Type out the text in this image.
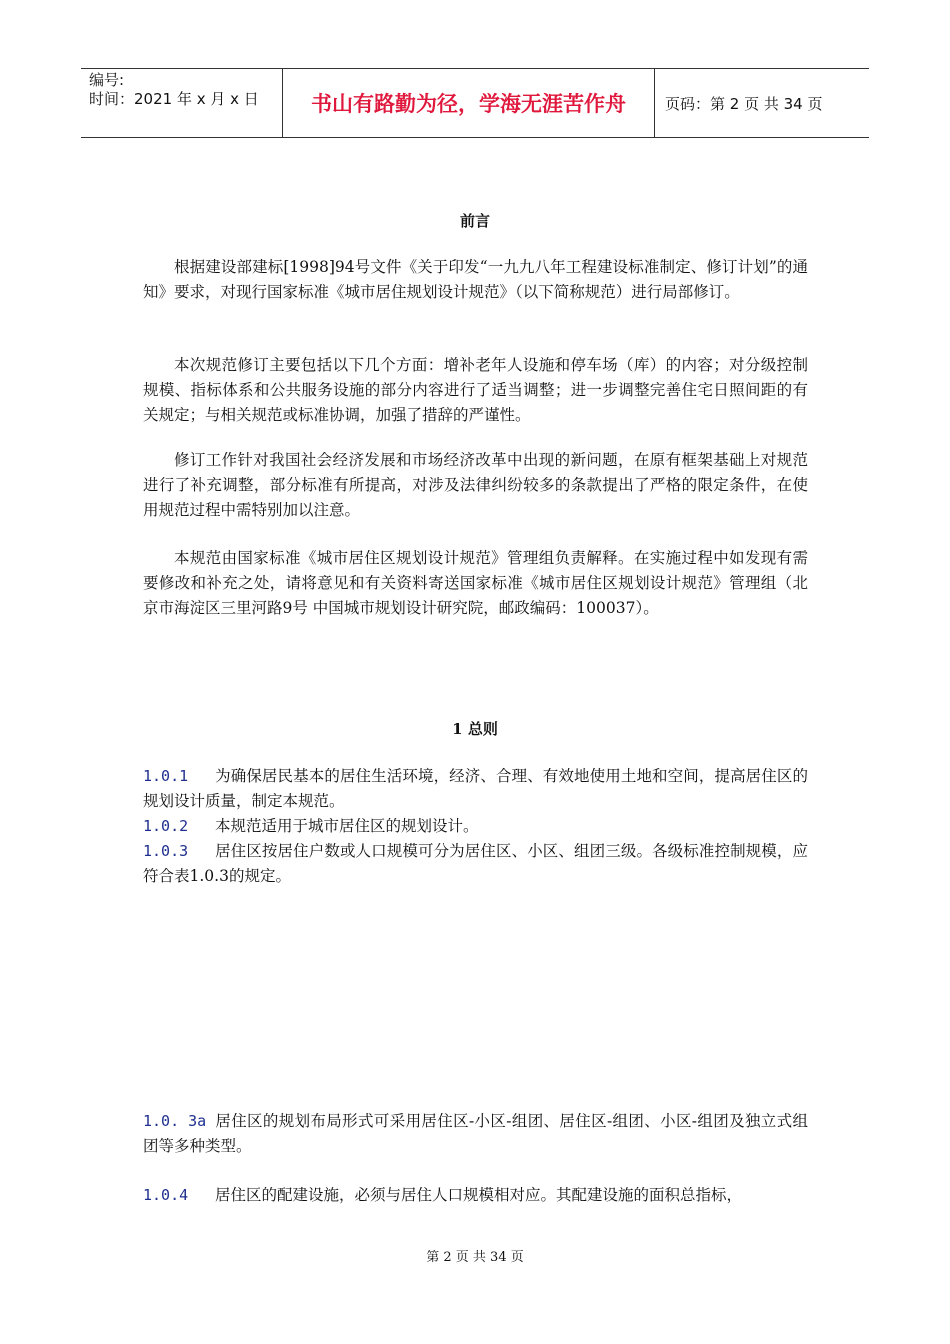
编号:
时间：2021 年 x 月 x 日	书山有路勤为径，学海无涯苦作舟	页码：第 2 页 共 34 页
前言
根据建设部建标[1998]94号文件《关于印发“一九九八年工程建设标准制定、修订计划”的通知》要求，对现行国家标准《城市居住规划设计规范》（以下简称规范）进行局部修订。
本次规范修订主要包括以下几个方面：增补老年人设施和停车场（库）的内容；对分级控制规模、指标体系和公共服务设施的部分内容进行了适当调整；进一步调整完善住宅日照间距的有关规定；与相关规范或标准协调，加强了措辞的严谨性。
修订工作针对我国社会经济发展和市场经济改革中出现的新问题，在原有框架基础上对规范进行了补充调整，部分标准有所提高，对涉及法律纠纷较多的条款提出了严格的限定条件，在使用规范过程中需特别加以注意。
本规范由国家标准《城市居住区规划设计规范》管理组负责解释。在实施过程中如发现有需要修改和补充之处，请将意见和有关资料寄送国家标准《城市居住区规划设计规范》管理组（北京市海淀区三里河路9号 中国城市规划设计研究院，邮政编码：100037）。
1 总则
1.0.1 为确保居民基本的居住生活环境，经济、合理、有效地使用土地和空间，提高居住区的规划设计质量，制定本规范。
1.0.2 本规范适用于城市居住区的规划设计。
1.0.3 居住区按居住户数或人口规模可分为居住区、小区、组团三级。各级标准控制规模，应符合表1.0.3的规定。
1.0. 3a 居住区的规划布局形式可采用居住区-小区-组团、居住区-组团、小区-组团及独立式组团等多种类型。
1.0.4 居住区的配建设施，必须与居住人口规模相对应。其配建设施的面积总指标，
第 2 页 共 34 页
